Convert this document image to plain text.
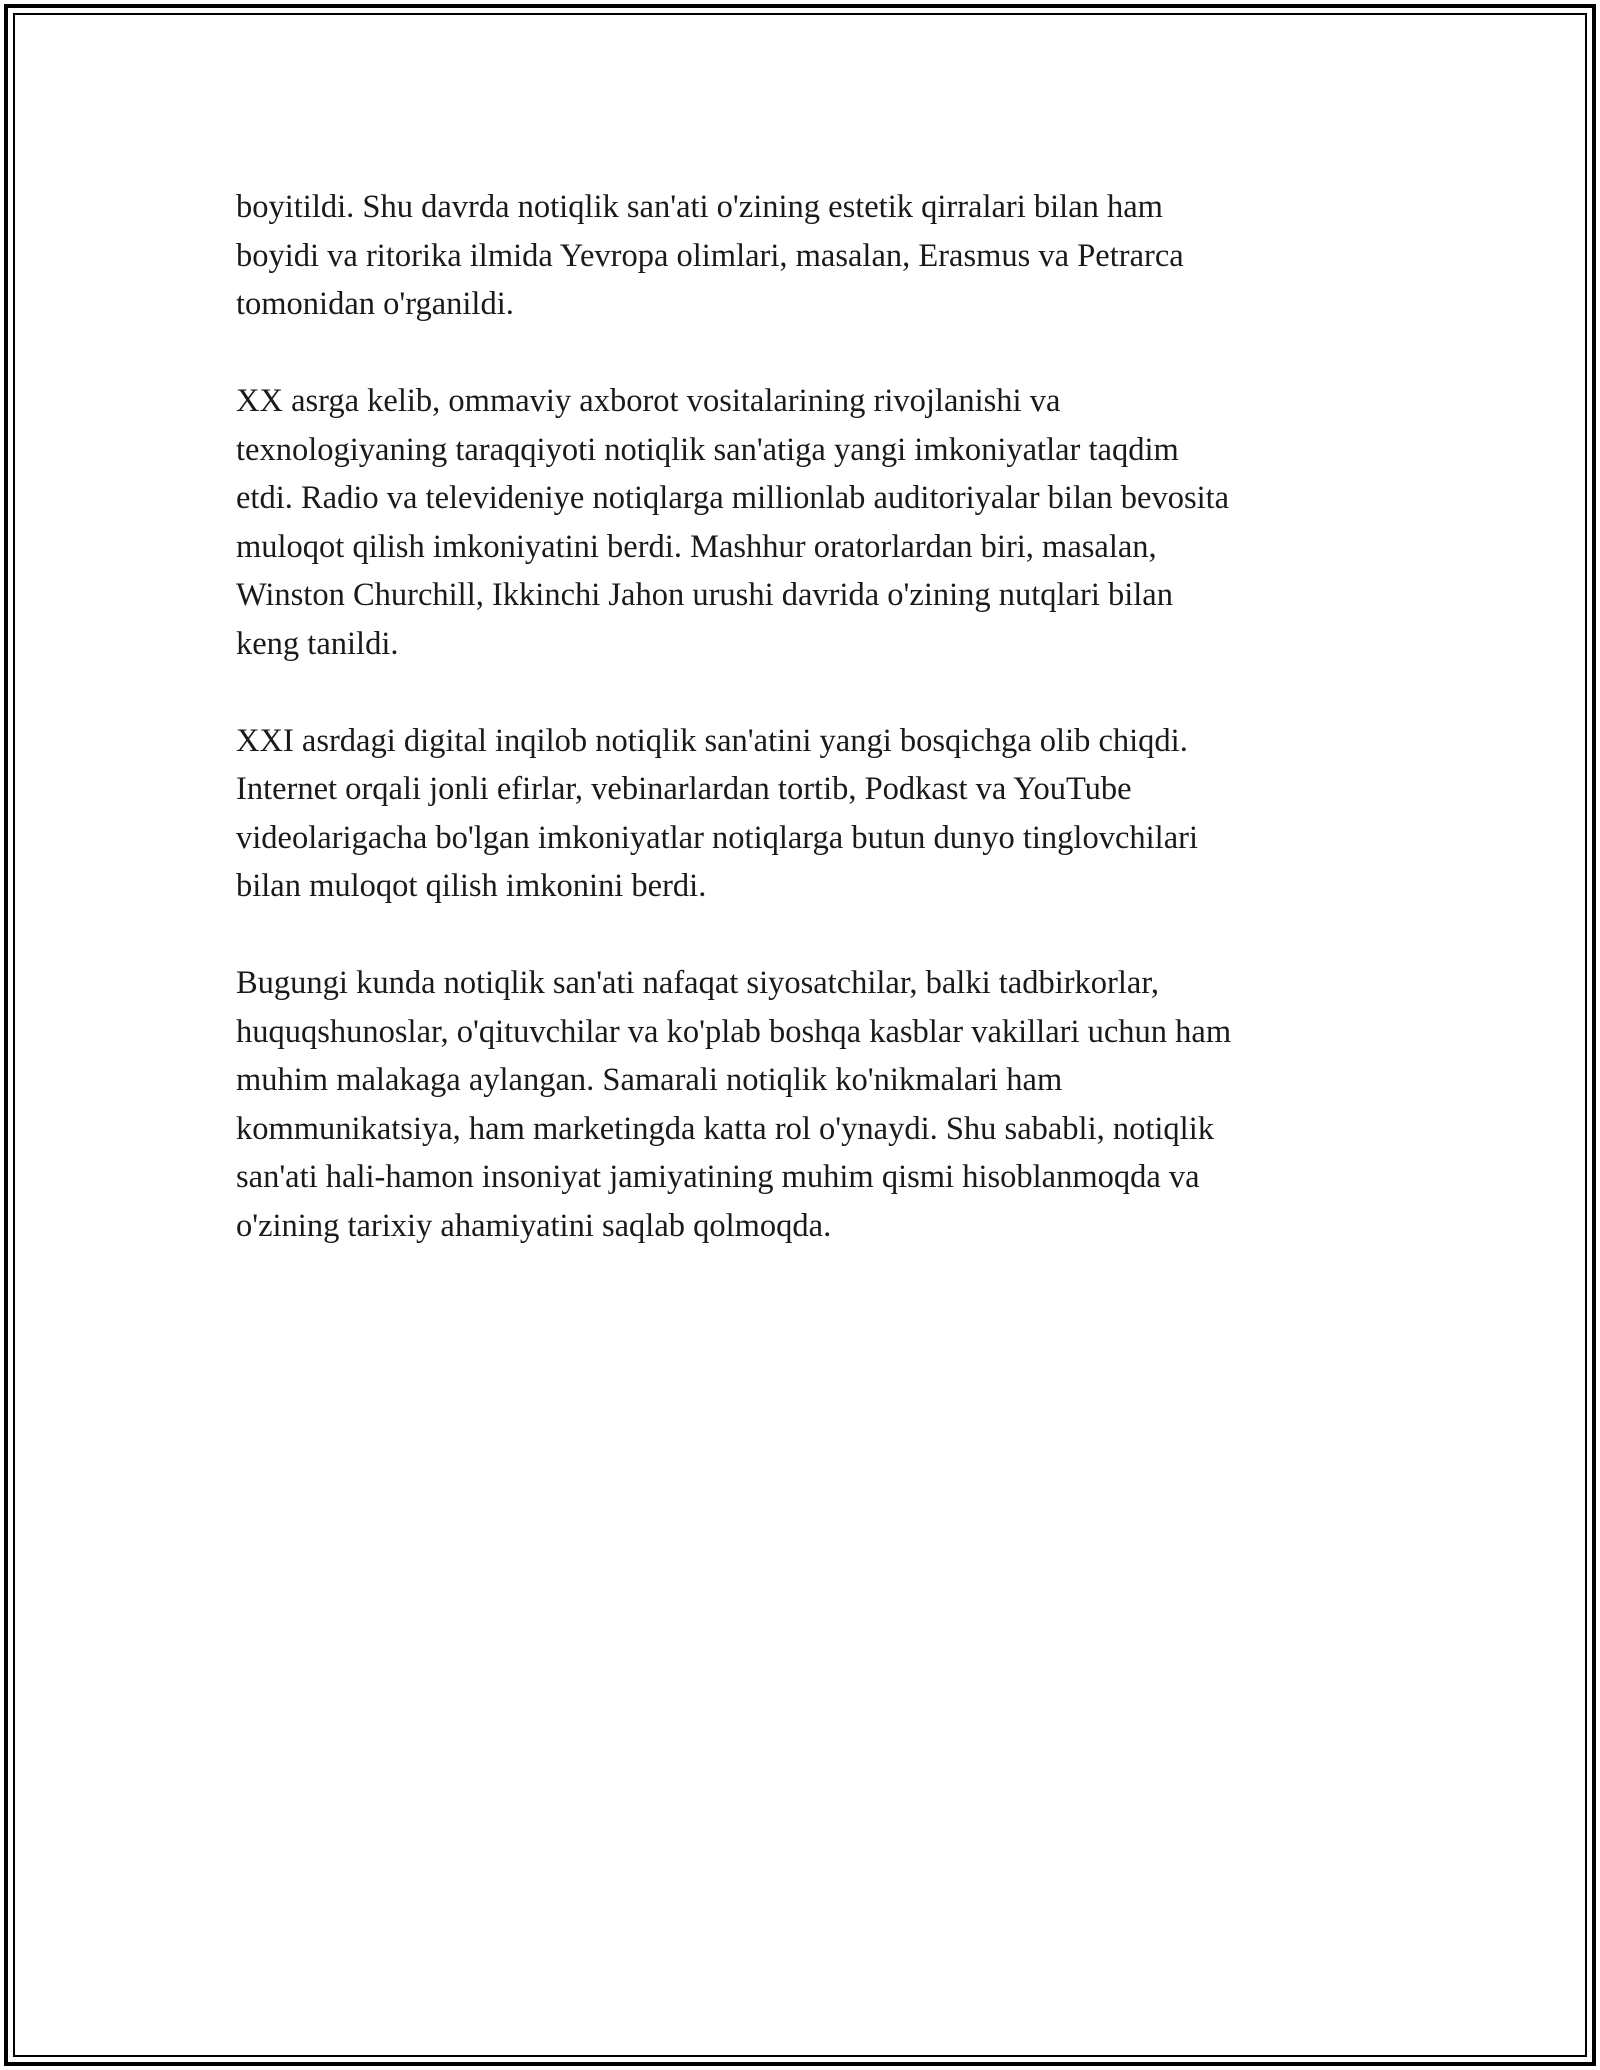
boyitildi. Shu davrda notiqlik san'ati o'zining estetik qirralari bilan ham
boyidi va ritorika ilmida Yevropa olimlari, masalan, Erasmus va Petrarca
tomonidan o'rganildi.

XX asrga kelib, ommaviy axborot vositalarining rivojlanishi va
texnologiyaning taraqqiyoti notiqlik san'atiga yangi imkoniyatlar taqdim
etdi. Radio va televideniye notiqlarga millionlab auditoriyalar bilan bevosita
muloqot qilish imkoniyatini berdi. Mashhur oratorlardan biri, masalan,
Winston Churchill, Ikkinchi Jahon urushi davrida o'zining nutqlari bilan
keng tanildi.

XXI asrdagi digital inqilob notiqlik san'atini yangi bosqichga olib chiqdi.
Internet orqali jonli efirlar, vebinarlardan tortib, Podkast va YouTube
videolarigacha bo'lgan imkoniyatlar notiqlarga butun dunyo tinglovchilari
bilan muloqot qilish imkonini berdi.

Bugungi kunda notiqlik san'ati nafaqat siyosatchilar, balki tadbirkorlar,
huquqshunoslar, o'qituvchilar va ko'plab boshqa kasblar vakillari uchun ham
muhim malakaga aylangan. Samarali notiqlik ko'nikmalari ham
kommunikatsiya, ham marketingda katta rol o'ynaydi. Shu sababli, notiqlik
san'ati hali-hamon insoniyat jamiyatining muhim qismi hisoblanmoqda va
o'zining tarixiy ahamiyatini saqlab qolmoqda.
